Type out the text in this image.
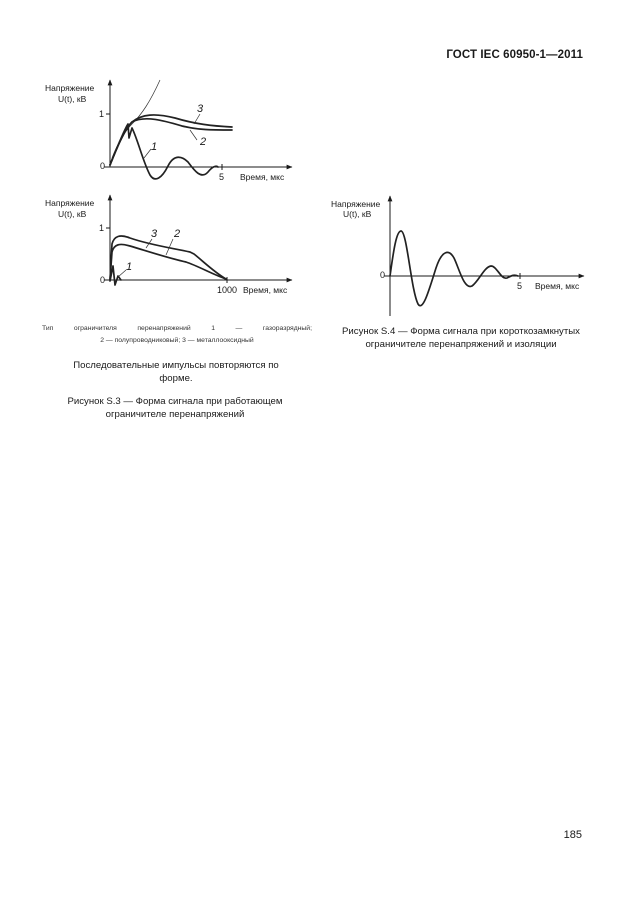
ГОСТ IEC 60950-1—2011
Напряжение
U(t), кВ
1
0
5 Время, мкс
3
2
1
Напряжение
U(t), кВ
1
0
1000 Время, мкс
3 2
1
Напряжение
U(t), кВ
0
5 Время, мкс
Тип ограничителя перенапряжений 1 — газоразрядный;
2 — полупроводниковый; 3 — металлооксидный
Последовательные импульсы повторяются по форме.
Рисунок S.3 — Форма сигнала при работающем ограничителе перенапряжений
Рисунок S.4 — Форма сигнала при короткозамкнутых ограничителе перенапряжений и изоляции
185
